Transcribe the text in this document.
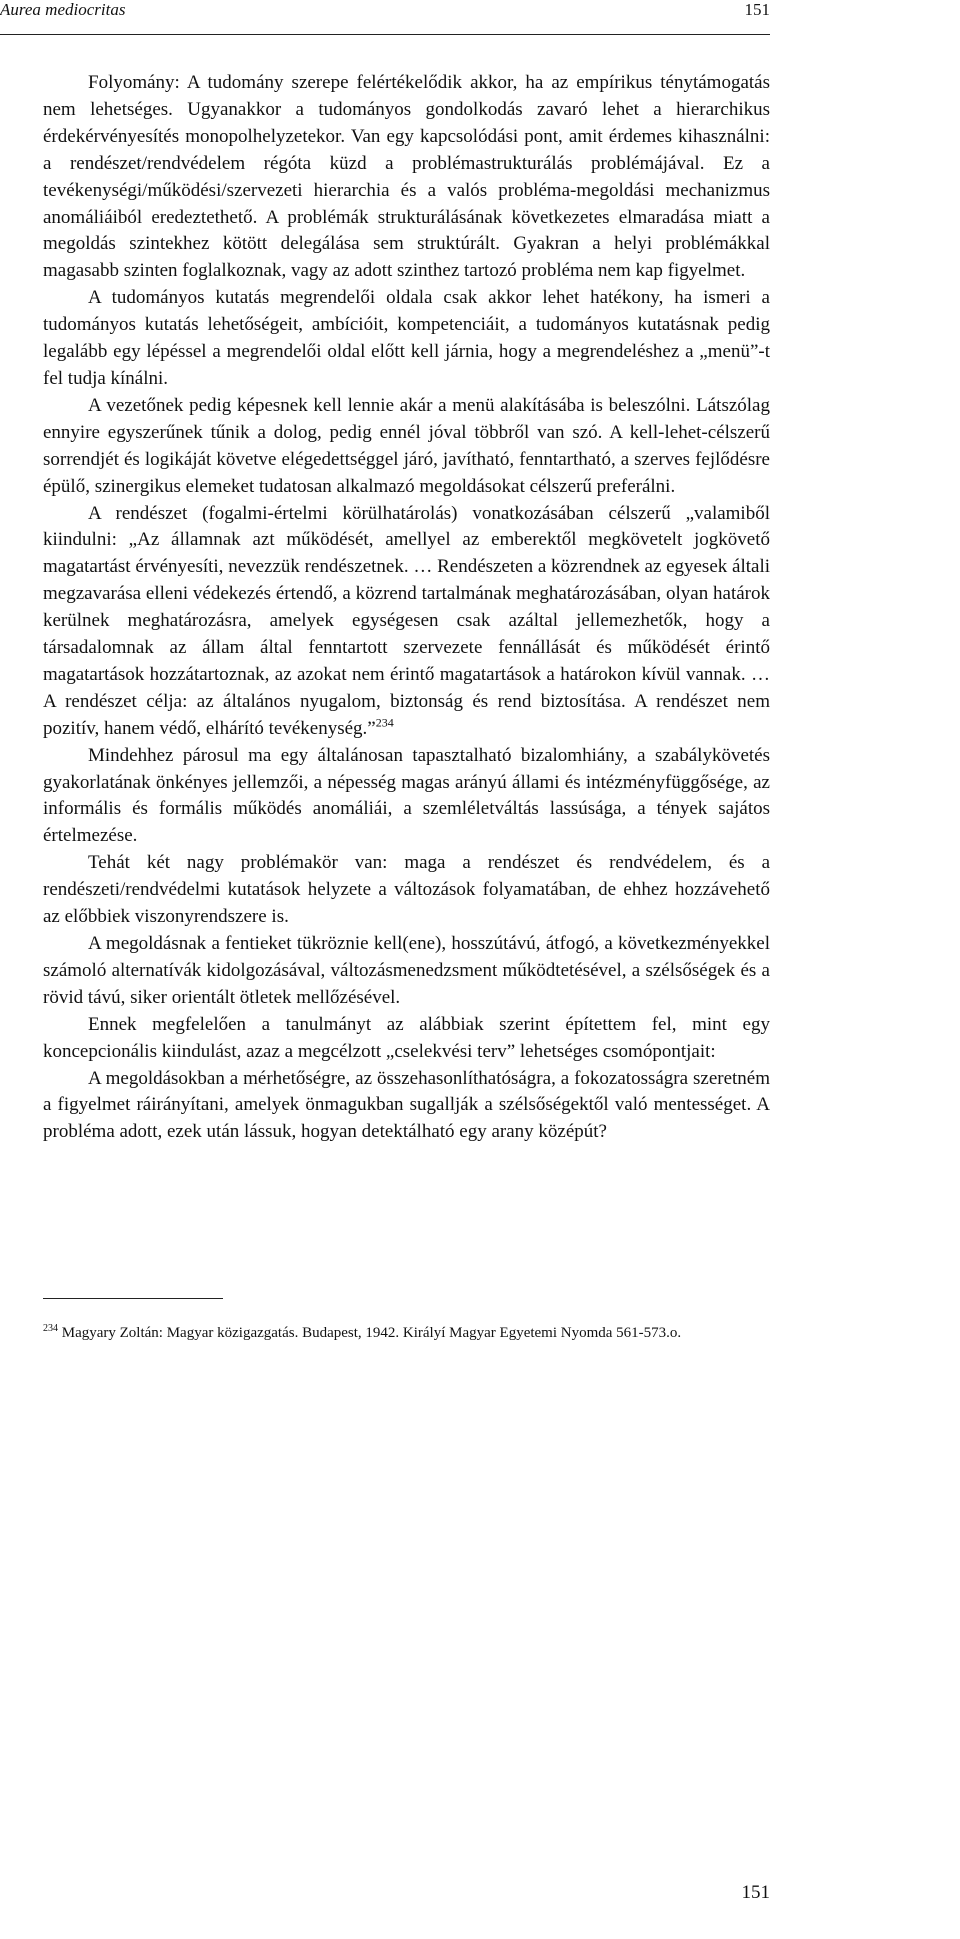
Aurea mediocritas	151

Folyomány: A tudomány szerepe felértékelődik akkor, ha az empírikus ténytámogatás nem lehetséges. Ugyanakkor a tudományos gondolkodás zavaró lehet a hierarchikus érdekérvényesítés monopolhelyzetekor. Van egy kapcsolódási pont, amit érdemes kihasználni: a rendészet/rendvédelem régóta küzd a problémastrukturálás problémájával. Ez a tevékenységi/működési/szervezeti hierarchia és a valós probléma-megoldási mechanizmus anomáliáiból eredeztethető. A problémák strukturálásának következetes elmaradása miatt a megoldás szintekhez kötött delegálása sem struktúrált. Gyakran a helyi problémákkal magasabb szinten foglalkoznak, vagy az adott szinthez tartozó probléma nem kap figyelmet.

A tudományos kutatás megrendelői oldala csak akkor lehet hatékony, ha ismeri a tudományos kutatás lehetőségeit, ambícióit, kompetenciáit, a tudományos kutatásnak pedig legalább egy lépéssel a megrendelői oldal előtt kell járnia, hogy a megrendeléshez a „menü”-t fel tudja kínálni.

A vezetőnek pedig képesnek kell lennie akár a menü alakításába is beleszólni. Látszólag ennyire egyszerűnek tűnik a dolog, pedig ennél jóval többről van szó. A kell-lehet-célszerű sorrendjét és logikáját követve elégedettséggel járó, javítható, fenntartható, a szerves fejlődésre épülő, szinergikus elemeket tudatosan alkalmazó megoldásokat célszerű preferálni.

A rendészet (fogalmi-értelmi körülhatárolás) vonatkozásában célszerű „valamiből kiindulni: „Az államnak azt működését, amellyel az emberektől megkövetelt jogkövető magatartást érvényesíti, nevezzük rendészetnek. … Rendészeten a közrendnek az egyesek általi megzavarása elleni védekezés értendő, a közrend tartalmának meghatározásában, olyan határok kerülnek meghatározásra, amelyek egységesen csak azáltal jellemezhetők, hogy a társadalomnak az állam által fenntartott szervezete fennállását és működését érintő magatartások hozzátartoznak, az azokat nem érintő magatartások a határokon kívül vannak. … A rendészet célja: az általános nyugalom, biztonság és rend biztosítása. A rendészet nem pozitív, hanem védő, elhárító tevékenység.”$^{234}$

Mindehhez párosul ma egy általánosan tapasztalható bizalomhiány, a szabálykövetés gyakorlatának önkényes jellemzői, a népesség magas arányú állami és intézményfüggősége, az informális és formális működés anomáliái, a szemléletváltás lassúsága, a tények sajátos értelmezése.

Tehát két nagy problémakör van: maga a rendészet és rendvédelem, és a rendészeti/rendvédelmi kutatások helyzete a változások folyamatában, de ehhez hozzávehető az előbbiek viszonyrendszere is.

A megoldásnak a fentieket tükröznie kell(ene), hosszútávú, átfogó, a következményekkel számoló alternatívák kidolgozásával, változásmenedzsment működtetésével, a szélsőségek és a rövid távú, siker orientált ötletek mellőzésével.

Ennek megfelelően a tanulmányt az alábbiak szerint építettem fel, mint egy koncepcionális kiindulást, azaz a megcélzott „cselekvési terv” lehetséges csomópontjait:

A megoldásokban a mérhetőségre, az összehasonlíthatóságra, a fokozatosságra szeretném a figyelmet ráirányítani, amelyek önmagukban sugallják a szélsőségektől való mentességet. A probléma adott, ezek után lássuk, hogyan detektálható egy arany középút?

$^{234}$ Magyary Zoltán: Magyar közigazgatás. Budapest, 1942. Királyí Magyar Egyetemi Nyomda 561-573.o.
151
